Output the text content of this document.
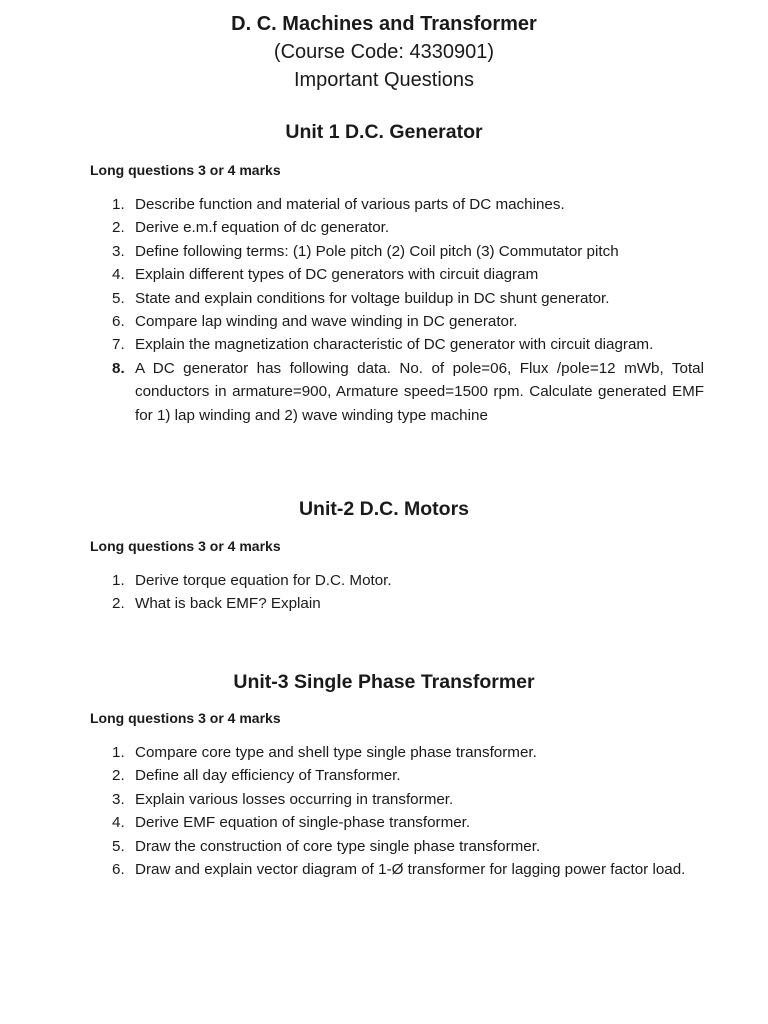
D. C. Machines and Transformer

(Course Code: 4330901)

Important Questions

Unit 1 D.C. Generator

Long questions 3 or 4 marks

1. Describe function and material of various parts of DC machines.
2. Derive e.m.f equation of dc generator.
3. Define following terms: (1) Pole pitch (2) Coil pitch (3) Commutator pitch
4. Explain different types of DC generators with circuit diagram
5. State and explain conditions for voltage buildup in DC shunt generator.
6. Compare lap winding and wave winding in DC generator.
7. Explain the magnetization characteristic of DC generator with circuit diagram.
8. A DC generator has following data. No. of pole=06, Flux /pole=12 mWb, Total conductors in armature=900, Armature speed=1500 rpm. Calculate generated EMF for 1) lap winding and 2) wave winding type machine
Unit-2 D.C. Motors

Long questions 3 or 4 marks

1. Derive torque equation for D.C. Motor.
2. What is back EMF? Explain
Unit-3 Single Phase Transformer

Long questions 3 or 4 marks

1. Compare core type and shell type single phase transformer.
2. Define all day efficiency of Transformer.
3. Explain various losses occurring in transformer.
4. Derive EMF equation of single-phase transformer.
5. Draw the construction of core type single phase transformer.
6. Draw and explain vector diagram of 1-Ø transformer for lagging power factor load.
